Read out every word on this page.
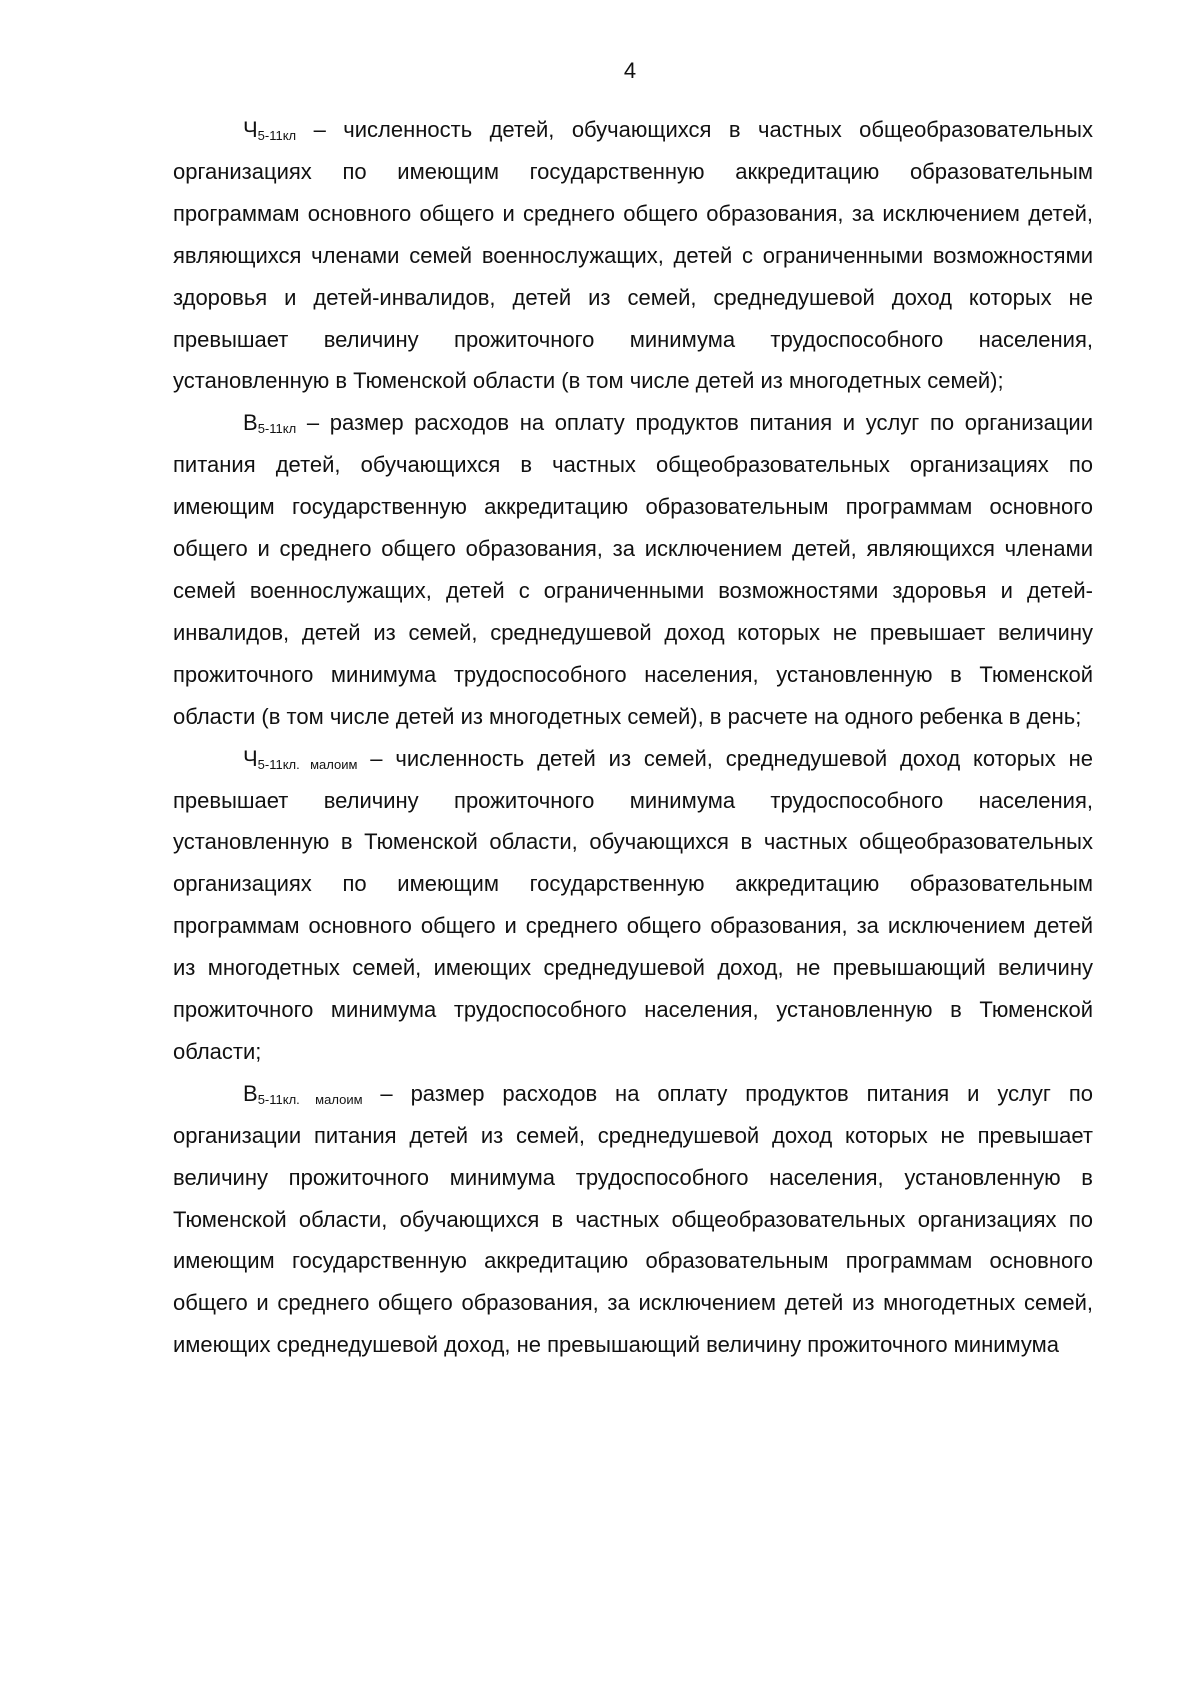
4

$Ч_{5-11кл}$ – численность детей, обучающихся в частных общеобразовательных организациях по имеющим государственную аккредитацию образовательным программам основного общего и среднего общего образования, за исключением детей, являющихся членами семей военнослужащих, детей с ограниченными возможностями здоровья и детей-инвалидов, детей из семей, среднедушевой доход которых не превышает величину прожиточного минимума трудоспособного населения, установленную в Тюменской области (в том числе детей из многодетных семей);

$В_{5-11кл}$ – размер расходов на оплату продуктов питания и услуг по организации питания детей, обучающихся в частных общеобразовательных организациях по имеющим государственную аккредитацию образовательным программам основного общего и среднего общего образования, за исключением детей, являющихся членами семей военнослужащих, детей с ограниченными возможностями здоровья и детей-инвалидов, детей из семей, среднедушевой доход которых не превышает величину прожиточного минимума трудоспособного населения, установленную в Тюменской области (в том числе детей из многодетных семей), в расчете на одного ребенка в день;

$Ч_{5-11кл. малоим}$ – численность детей из семей, среднедушевой доход которых не превышает величину прожиточного минимума трудоспособного населения, установленную в Тюменской области, обучающихся в частных общеобразовательных организациях по имеющим государственную аккредитацию образовательным программам основного общего и среднего общего образования, за исключением детей из многодетных семей, имеющих среднедушевой доход, не превышающий величину прожиточного минимума трудоспособного населения, установленную в Тюменской области;

$В_{5-11кл. малоим}$ – размер расходов на оплату продуктов питания и услуг по организации питания детей из семей, среднедушевой доход которых не превышает величину прожиточного минимума трудоспособного населения, установленную в Тюменской области, обучающихся в частных общеобразовательных организациях по имеющим государственную аккредитацию образовательным программам основного общего и среднего общего образования, за исключением детей из многодетных семей, имеющих среднедушевой доход, не превышающий величину прожиточного минимума
